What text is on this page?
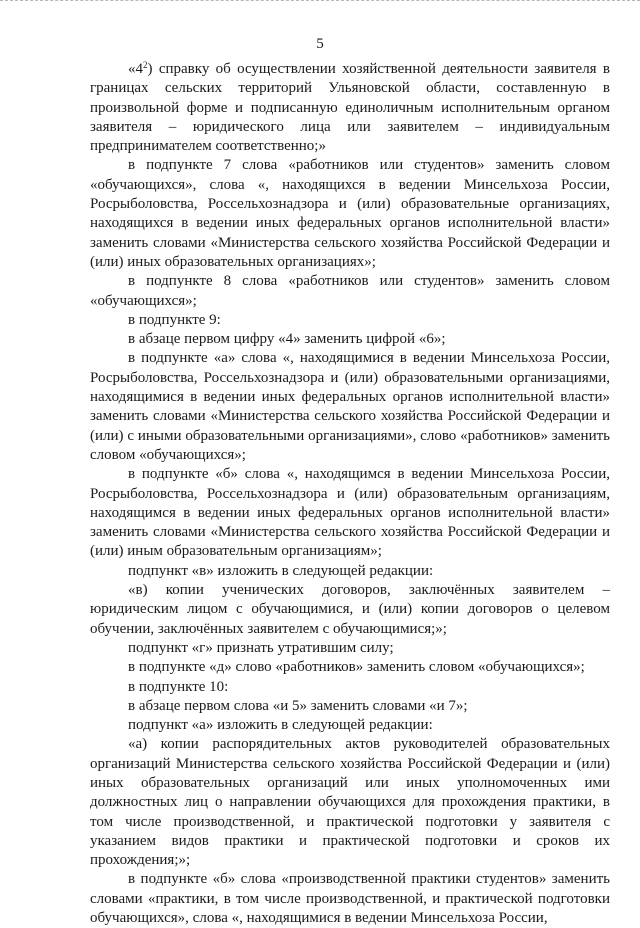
5

«$4^2$) справку об осуществлении хозяйственной деятельности заявителя в границах сельских территорий Ульяновской области, составленную в произвольной форме и подписанную единоличным исполнительным органом заявителя – юридического лица или заявителем – индивидуальным предпринимателем соответственно;»

в подпункте 7 слова «работников или студентов» заменить словом «обучающихся», слова «, находящихся в ведении Минсельхоза России, Росрыболовства, Россельхознадзора и (или) образовательные организациях, находящихся в ведении иных федеральных органов исполнительной власти» заменить словами «Министерства сельского хозяйства Российской Федерации и (или) иных образовательных организациях»;

в подпункте 8 слова «работников или студентов» заменить словом «обучающихся»;

в подпункте 9:

в абзаце первом цифру «4» заменить цифрой «6»;

в подпункте «а» слова «, находящимися в ведении Минсельхоза России, Росрыболовства, Россельхознадзора и (или) образовательными организациями, находящимися в ведении иных федеральных органов исполнительной власти» заменить словами «Министерства сельского хозяйства Российской Федерации и (или) с иными образовательными организациями», слово «работников» заменить словом «обучающихся»;

в подпункте «б» слова «, находящимся в ведении Минсельхоза России, Росрыболовства, Россельхознадзора и (или) образовательным организациям, находящимся в ведении иных федеральных органов исполнительной власти» заменить словами «Министерства сельского хозяйства Российской Федерации и (или) иным образовательным организациям»;

подпункт «в» изложить в следующей редакции:

«в) копии ученических договоров, заключённых заявителем – юридическим лицом с обучающимися, и (или) копии договоров о целевом обучении, заключённых заявителем с обучающимися;»;

подпункт «г» признать утратившим силу;

в подпункте «д» слово «работников» заменить словом «обучающихся»;

в подпункте 10:

в абзаце первом слова «и 5» заменить словами «и 7»;

подпункт «а» изложить в следующей редакции:

«а) копии распорядительных актов руководителей образовательных организаций Министерства сельского хозяйства Российской Федерации и (или) иных образовательных организаций или иных уполномоченных ими должностных лиц о направлении обучающихся для прохождения практики, в том числе производственной, и практической подготовки у заявителя с указанием видов практики и практической подготовки и сроков их прохождения;»;

в подпункте «б» слова «производственной практики студентов» заменить словами «практики, в том числе производственной, и практической подготовки обучающихся», слова «, находящимися в ведении Минсельхоза России,
